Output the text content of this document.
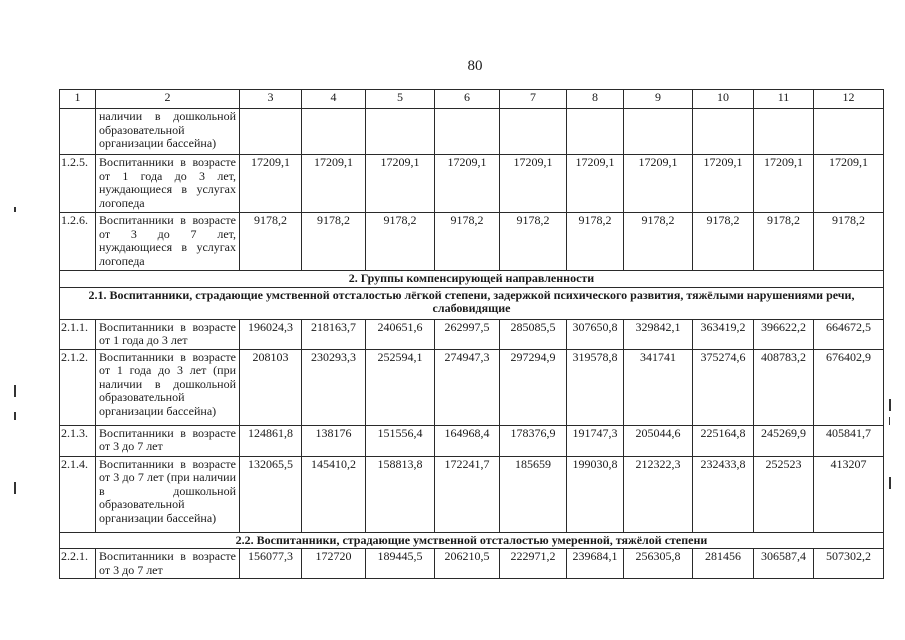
80
1	2	3	4	5	6	7	8	9	10	11	12
	наличии в дошкольной образовательной организации бассейна)										
1.2.5.	Воспитанники в возрасте от 1 года до 3 лет, нуждающиеся в услугах логопеда	17209,1	17209,1	17209,1	17209,1	17209,1	17209,1	17209,1	17209,1	17209,1	17209,1
1.2.6.	Воспитанники в возрасте от 3 до 7 лет, нуждающиеся в услугах логопеда	9178,2	9178,2	9178,2	9178,2	9178,2	9178,2	9178,2	9178,2	9178,2	9178,2
2. Группы компенсирующей направленности											
2.1. Воспитанники, страдающие умственной отсталостью лёгкой степени, задержкой психического развития, тяжёлыми нарушениями речи, слабовидящие											
2.1.1.	Воспитанники в возрасте от 1 года до 3 лет	196024,3	218163,7	240651,6	262997,5	285085,5	307650,8	329842,1	363419,2	396622,2	664672,5
2.1.2.	Воспитанники в возрасте от 1 года до 3 лет (при наличии в дошкольной образовательной организации бассейна)	208103	230293,3	252594,1	274947,3	297294,9	319578,8	341741	375274,6	408783,2	676402,9
2.1.3.	Воспитанники в возрасте от 3 до 7 лет	124861,8	138176	151556,4	164968,4	178376,9	191747,3	205044,6	225164,8	245269,9	405841,7
2.1.4.	Воспитанники в возрасте от 3 до 7 лет (при наличии в дошкольной образовательной организации бассейна)	132065,5	145410,2	158813,8	172241,7	185659	199030,8	212322,3	232433,8	252523	413207
2.2. Воспитанники, страдающие умственной отсталостью умеренной, тяжёлой степени											
2.2.1.	Воспитанники в возрасте от 3 до 7 лет	156077,3	172720	189445,5	206210,5	222971,2	239684,1	256305,8	281456	306587,4	507302,2
